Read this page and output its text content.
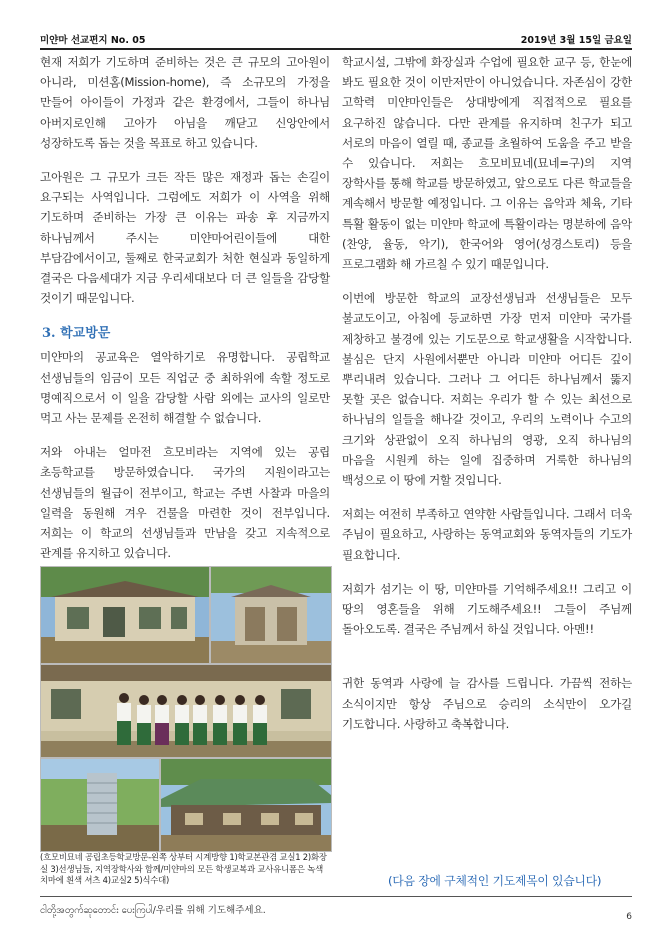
미얀마 선교편지 No. 05	2019년 3월 15일 금요일

현재 저희가 기도하며 준비하는 것은 큰 규모의 고아원이 아니라, 미션홈(Mission-home), 즉 소규모의 가정을 만들어 아이들이 가정과 같은 환경에서, 그들이 하나님 아버지로인해 고아가 아님을 깨닫고 신앙안에서 성장하도록 돕는 것을 목표로 하고 있습니다.

고아원은 그 규모가 크든 작든 많은 재정과 돕는 손길이 요구되는 사역입니다. 그럼에도 저희가 이 사역을 위해 기도하며 준비하는 가장 큰 이유는 파송 후 지금까지 하나님께서 주시는 미얀마어린이들에 대한 부담감에서이고, 둘째로 한국교회가 처한 현실과 동일하게 결국은 다음세대가 지금 우리세대보다 더 큰 일들을 감당할 것이기 때문입니다.

3. 학교방문

미얀마의 공교육은 열악하기로 유명합니다. 공립학교 선생님들의 임금이 모든 직업군 중 최하위에 속할 정도로 명예직으로서 이 일을 감당할 사람 외에는 교사의 일로만 먹고 사는 문제를 온전히 해결할 수 없습니다.

저와 아내는 얼마전 흐모비라는 지역에 있는 공립 초등학교를 방문하였습니다. 국가의 지원이라고는 선생님들의 월급이 전부이고, 학교는 주변 사찰과 마을의 일력을 동원해 겨우 건물을 마련한 것이 전부입니다. 저희는 이 학교의 선생님들과 만남을 갖고 지속적으로 관계를 유지하고 있습니다.

(흐모비묘네 공립초등학교방문-왼쪽 상부터 시계방향 1)학교본관겸 교실1 2)화장실 3)선생님들, 지역장학사와 함께/미얀마의 모든 학생교복과 교사유니폼은 녹색치마에 흰색 셔츠 4)교실2 5)식수대)

학교시설, 그밖에 화장실과 수업에 필요한 교구 등, 한눈에 봐도 필요한 것이 이만저만이 아니었습니다. 자존심이 강한 고학력 미얀마인들은 상대방에게 직접적으로 필요를 요구하진 않습니다. 다만 관계를 유지하며 친구가 되고 서로의 마음이 열릴 때, 종교를 초월하여 도움을 주고 받을 수 있습니다. 저희는 흐모비묘네(묘네=구)의 지역 장학사를 통해 학교를 방문하였고, 앞으로도 다른 학교들을 계속해서 방문할 예정입니다. 그 이유는 음악과 체육, 기타 특활 활동이 없는 미얀마 학교에 특활이라는 명분하에 음악(찬양, 율동, 악기), 한국어와 영어(성경스토리) 등을 프로그램화 해 가르칠 수 있기 때문입니다.

이번에 방문한 학교의 교장선생님과 선생님들은 모두 불교도이고, 아침에 등교하면 가장 먼저 미얀마 국가를 제창하고 불경에 있는 기도문으로 학교생활을 시작합니다. 불심은 단지 사원에서뿐만 아니라 미얀마 어디든 깊이 뿌리내려 있습니다. 그러나 그 어디든 하나님께서 뚫지 못할 곳은 없습니다. 저희는 우리가 할 수 있는 최선으로 하나님의 일들을 해나갈 것이고, 우리의 노력이나 수고의 크기와 상관없이 오직 하나님의 영광, 오직 하나님의 마음을 시원케 하는 일에 집중하며 거룩한 하나님의 백성으로 이 땅에 거할 것입니다.

저희는 여전히 부족하고 연약한 사람들입니다. 그래서 더욱 주님이 필요하고, 사랑하는 동역교회와 동역자들의 기도가 필요합니다.

저희가 섬기는 이 땅, 미얀마를 기억해주세요!! 그리고 이 땅의 영혼들을 위해 기도해주세요!! 그들이 주님께 돌아오도록. 결국은 주님께서 하실 것입니다. 아멘!!

귀한 동역과 사랑에 늘 감사를 드립니다. 가끔씩 전하는 소식이지만 항상 주님으로 승리의 소식만이 오가길 기도합니다. 사랑하고 축복합니다.

(다음 장에 구체적인 기도제목이 있습니다)
ငါတို့အတွက်ဆုတောင်း ပေးကြပါ/우리를 위해 기도해주세요.
6
